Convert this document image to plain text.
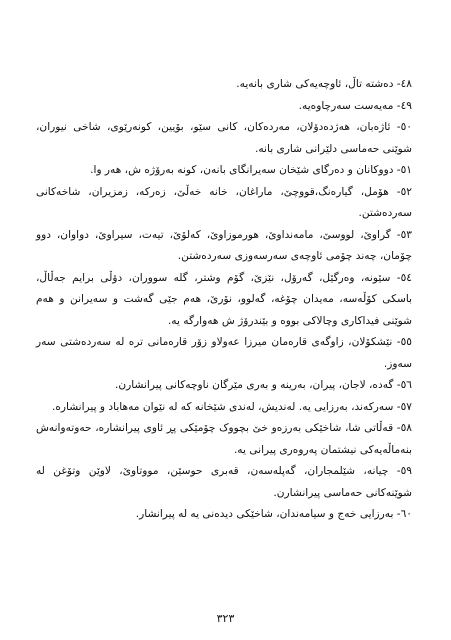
٤٨- دەشتە تاڵ، ئاوچەیەکی شاری بانەیە.

٤٩- مەیەست سەرچاوەیە.

٥٠- ئاژەبان، هەژدەدۆلان، مەردەکان، کانی سێو، بۆیین، کونەرێوی، شاخی نیوران، شوێنی حەماسی دلێرانی شاری بانە.

٥١- دووکانان و دەرگای شێخان سەیرانگای بانەن، کونە بەرۆژە ش، هەر وا.

٥٢- هۆمل، گیارەنگ،قووچێ، ماراغان، خانە خەڵێ، زەرکە، زمزیران، شاخەکانی سەردەشتن.

٥٣- گراوێ، لووسێ، مامەنداوێ، هورموزاوێ، کەلۆێ، تیەت، سیراوێ، دواوان، دوو چۆمان، چەند چۆمی ئاوچەی سەرسەوزی سەردەشتن.

٥٤- سێونە، وەرگێل، گەرۆل، نێزێ، گۆم وشتر، گلە سووران، دۆڵی برایم جەڵاڵ، باسکی کۆڵەسە، مەیدان چۆغە، گەلوو، نۆرێ، هەم جێی گەشت و سەیرانن و هەم شوێنی فیداکاری وچالاکی بووە و بێندرۆژ ش هەوارگە یە.

٥٥- نێشکۆلان، زاوگەی قارەمان میرزا عەولاو زۆر قارەمانی ترە لە سەردەشتی سەر سەوز.

٥٦- گەدە، لاجان، پیران، بەرینە و بەری مێرگان ناوچەکانی پیرانشارن.

٥٧- سەرکەند، بەرزایی یە. لەندیش، لەندی شێخانە کە لە نێوان مەهاباد و پیرانشارە.

٥٨- قەڵاتی شا، شاخێکی بەرزەو خێ بچووک چۆمێکی پڕ ئاوی پیرانشارە، حەوتەوانەش بنەماڵەیەکی نیشتمان پەروەری پیرانی یە.

٥٩- چیانە، شێلمجاران، گەپلەسەن، قەبری حوسێن، مووتاوێ، لاوێن وتۆغن لە شوێنەکانی حەماسی پیرانشارن.

٦٠- بەرزایی خەج و سیامەندان، شاخێکی دیدەنی یە لە پیرانشار.

٣٢٣
